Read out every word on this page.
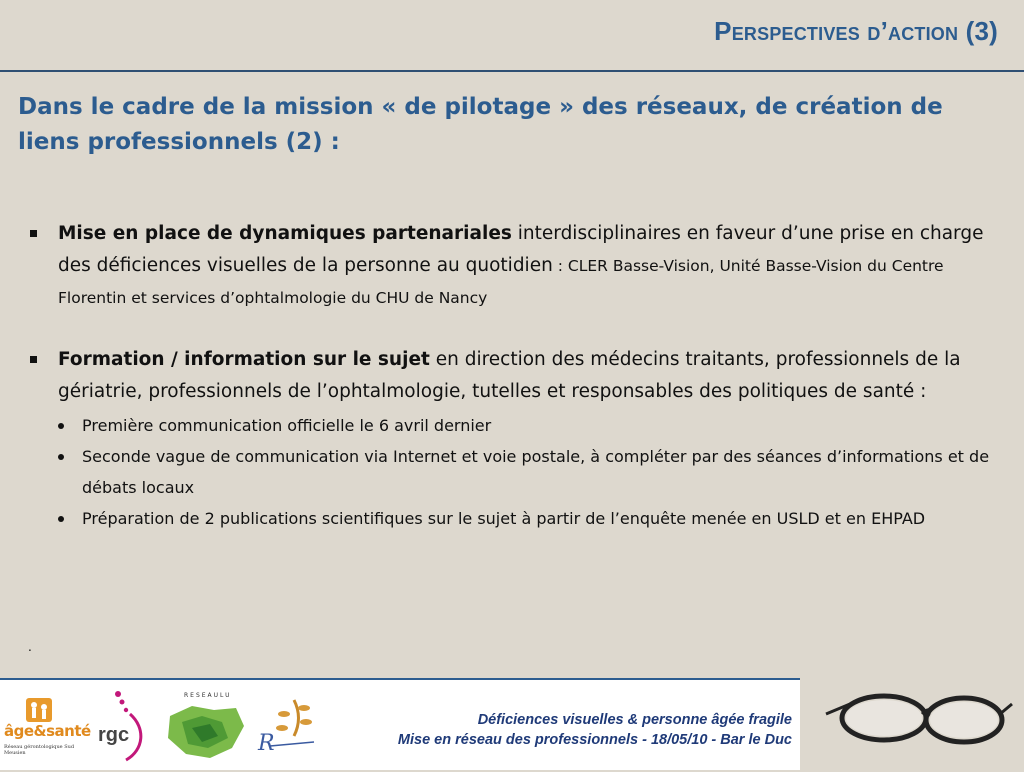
Perspectives d’action (3)
Dans le cadre de la mission « de pilotage » des réseaux, de création de liens professionnels (2) :
Mise en place de dynamiques partenariales interdisciplinaires en faveur d’une prise en charge des déficiences visuelles de la personne au quotidien : CLER Basse-Vision, Unité Basse-Vision du Centre Florentin et services d’ophtalmologie du CHU de Nancy
Formation / information sur le sujet en direction des médecins traitants, professionnels de la gériatrie, professionnels de l’ophtalmologie, tutelles et responsables des politiques de santé :
Première communication officielle le 6 avril dernier
Seconde vague de communication via Internet et voie postale, à compléter par des séances d’informations et de débats locaux
Préparation de 2 publications scientifiques sur le sujet à partir de l’enquête menée en USLD et en EHPAD
.
âge&santé
Réseau gérontologique Sud Meusien
rgc
RESEAULU
R
Déficiences visuelles & personne âgée fragile
Mise en réseau des professionnels - 18/05/10 - Bar le Duc
